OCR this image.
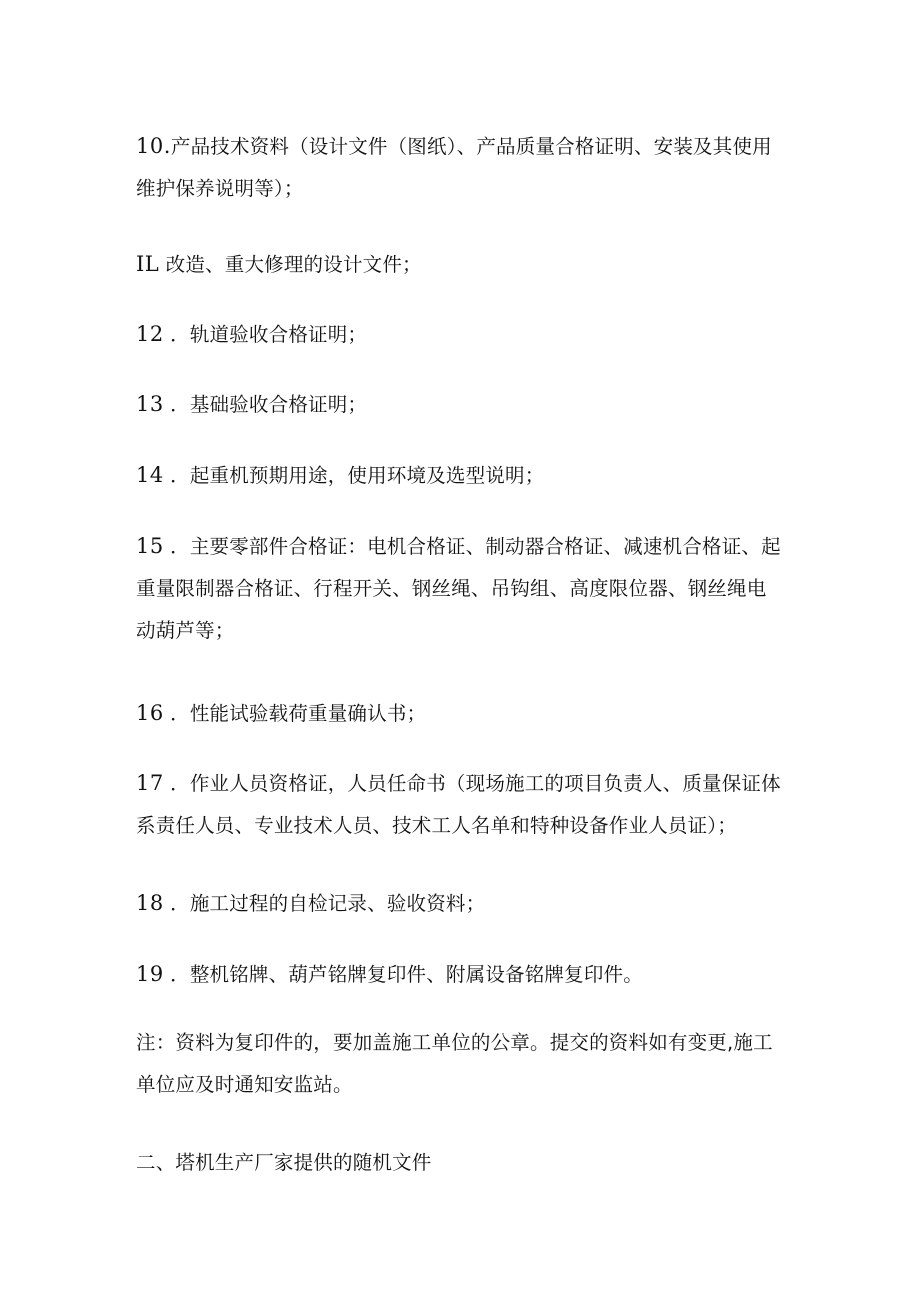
10.产品技术资料（设计文件（图纸）、产品质量合格证明、安装及其使用
维护保养说明等）；
IL 改造、重大修理的设计文件；
12 ．轨道验收合格证明；
13 ．基础验收合格证明；
14 ．起重机预期用途，使用环境及选型说明；
15 ．主要零部件合格证：电机合格证、制动器合格证、减速机合格证、起
重量限制器合格证、行程开关、钢丝绳、吊钩组、高度限位器、钢丝绳电
动葫芦等；
16 ．性能试验载荷重量确认书；
17 ．作业人员资格证，人员任命书（现场施工的项目负责人、质量保证体
系责任人员、专业技术人员、技术工人名单和特种设备作业人员证）；
18 ．施工过程的自检记录、验收资料；
19 ．整机铭牌、葫芦铭牌复印件、附属设备铭牌复印件。
注：资料为复印件的，要加盖施工单位的公章。提交的资料如有变更,施工
单位应及时通知安监站。
二、塔机生产厂家提供的随机文件
